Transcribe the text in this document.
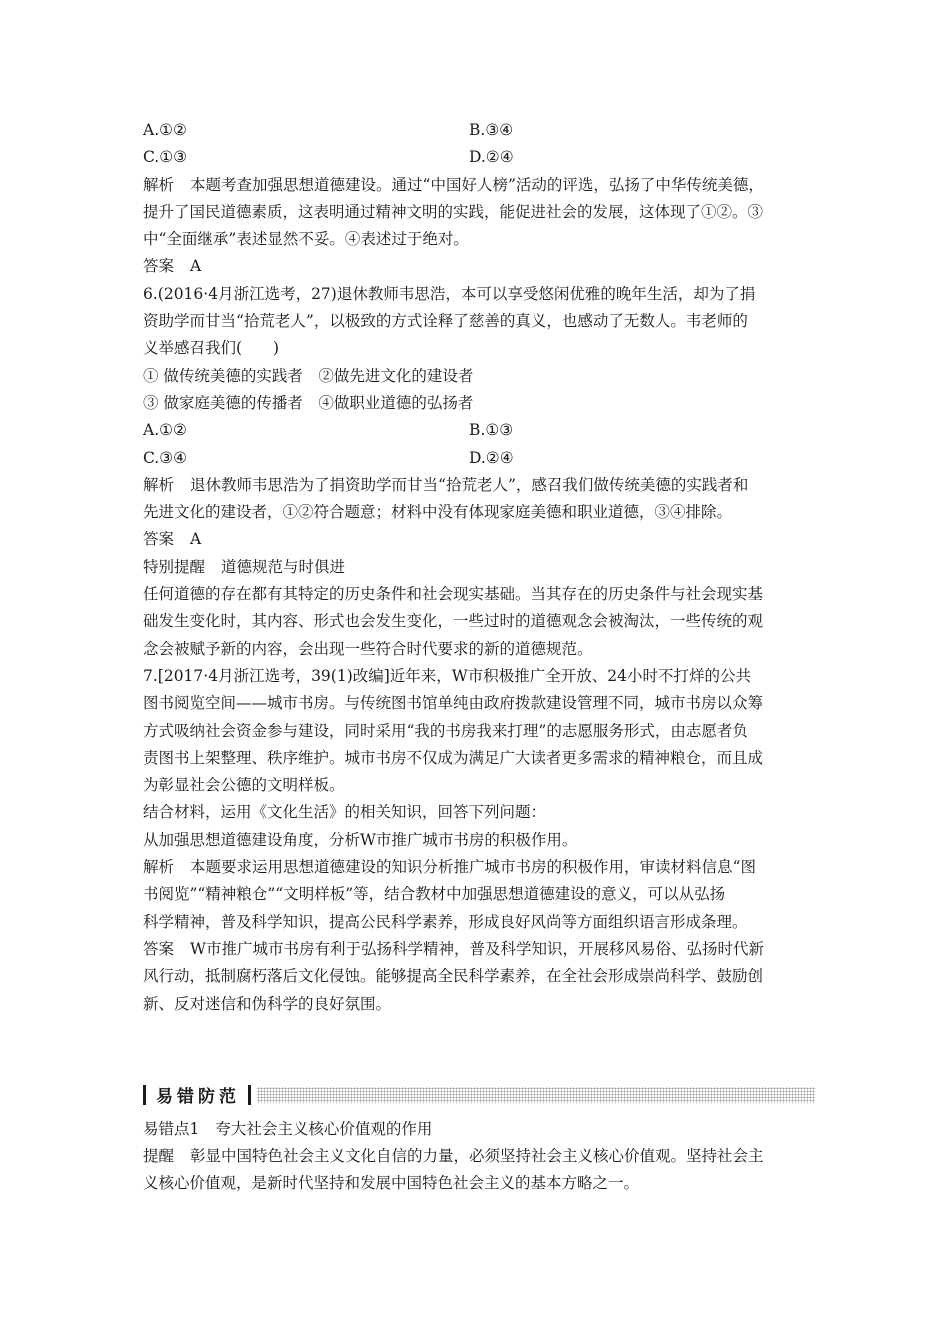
A.①②	B.③④
C.①③	D.②④
解析 本题考查加强思想道德建设。通过“中国好人榜”活动的评选，弘扬了中华传统美德，
提升了国民道德素质，这表明通过精神文明的实践，能促进社会的发展，这体现了①②。③
中“全面继承”表述显然不妥。④表述过于绝对。
答案 A
6.(2016·4月浙江选考，27)退休教师韦思浩，本可以享受悠闲优雅的晚年生活，却为了捐
资助学而甘当“拾荒老人”，以极致的方式诠释了慈善的真义，也感动了无数人。韦老师的
义举感召我们(　　)
① 做传统美德的实践者　②做先进文化的建设者
③ 做家庭美德的传播者　④做职业道德的弘扬者
A.①②	B.①③
C.③④	D.②④
解析 退休教师韦思浩为了捐资助学而甘当“拾荒老人”，感召我们做传统美德的实践者和
先进文化的建设者，①②符合题意；材料中没有体现家庭美德和职业道德，③④排除。
答案 A
特别提醒 道德规范与时俱进
任何道德的存在都有其特定的历史条件和社会现实基础。当其存在的历史条件与社会现实基
础发生变化时，其内容、形式也会发生变化，一些过时的道德观念会被淘汰，一些传统的观
念会被赋予新的内容，会出现一些符合时代要求的新的道德规范。
7.[2017·4月浙江选考，39(1)改编]近年来，W市积极推广全开放、24小时不打烊的公共
图书阅览空间——城市书房。与传统图书馆单纯由政府拨款建设管理不同，城市书房以众筹
方式吸纳社会资金参与建设，同时采用“我的书房我来打理”的志愿服务形式，由志愿者负
责图书上架整理、秩序维护。城市书房不仅成为满足广大读者更多需求的精神粮仓，而且成
为彰显社会公德的文明样板。
结合材料，运用《文化生活》的相关知识，回答下列问题：
从加强思想道德建设角度，分析W市推广城市书房的积极作用。
解析 本题要求运用思想道德建设的知识分析推广城市书房的积极作用，审读材料信息“图
书阅览”“精神粮仓”“文明样板”等，结合教材中加强思想道德建设的意义，可以从弘扬
科学精神，普及科学知识，提高公民科学素养，形成良好风尚等方面组织语言形成条理。
答案 W市推广城市书房有利于弘扬科学精神，普及科学知识，开展移风易俗、弘扬时代新
风行动，抵制腐朽落后文化侵蚀。能够提高全民科学素养，在全社会形成崇尚科学、鼓励创
新、反对迷信和伪科学的良好氛围。
易错防范
易错点1 夸大社会主义核心价值观的作用
提醒 彰显中国特色社会主义文化自信的力量，必须坚持社会主义核心价值观。坚持社会主
义核心价值观，是新时代坚持和发展中国特色社会主义的基本方略之一。
